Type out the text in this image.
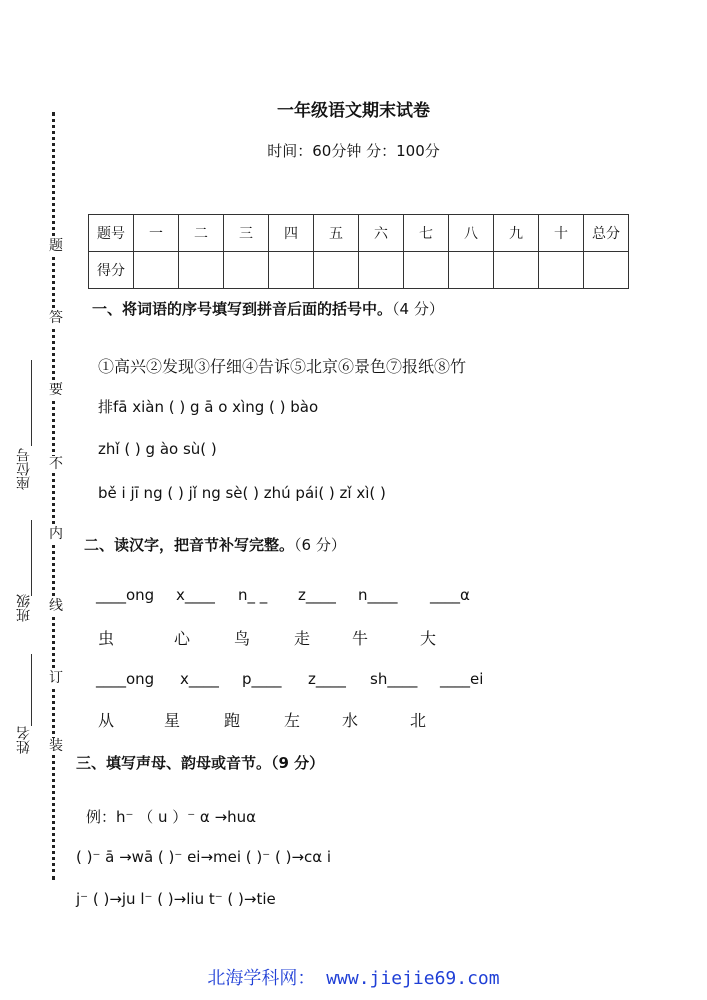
题
答
要
不
内
线
订
装
座位号
班级
姓名
一年级语文期末试卷
时间：60分钟 分：100分
题号	一	二	三	四	五	六	七	八	九	十	总分
得分											
一、将词语的序号填写到拼音后面的括号中。（4 分）
①高兴②发现③仔细④告诉⑤北京⑥景色⑦报纸⑧竹
排fā xiàn ( ) g ā o xìng ( ) bào
zhǐ ( ) g ào sù( )
bě i jī ng ( ) jǐ ng sè( ) zhú pái( ) zǐ xì( )
二、读汉字，把音节补写完整。（6 分）
____ong x____ n_ _ z____ n____ ____α
虫	心	鸟	走	牛	大
____ong x____ p____ z____ sh____ ____ei
从	星	跑	左	水	北
三、填写声母、韵母或音节。（9 分）
例：h⁻ （ u ）⁻ α →huα
( )⁻ ā →wā ( )⁻ ei→mei ( )⁻ ( )→cα i
j⁻ ( )→ju l⁻ ( )→liu t⁻ ( )→tie
北海学科网： www.jiejie69.com
